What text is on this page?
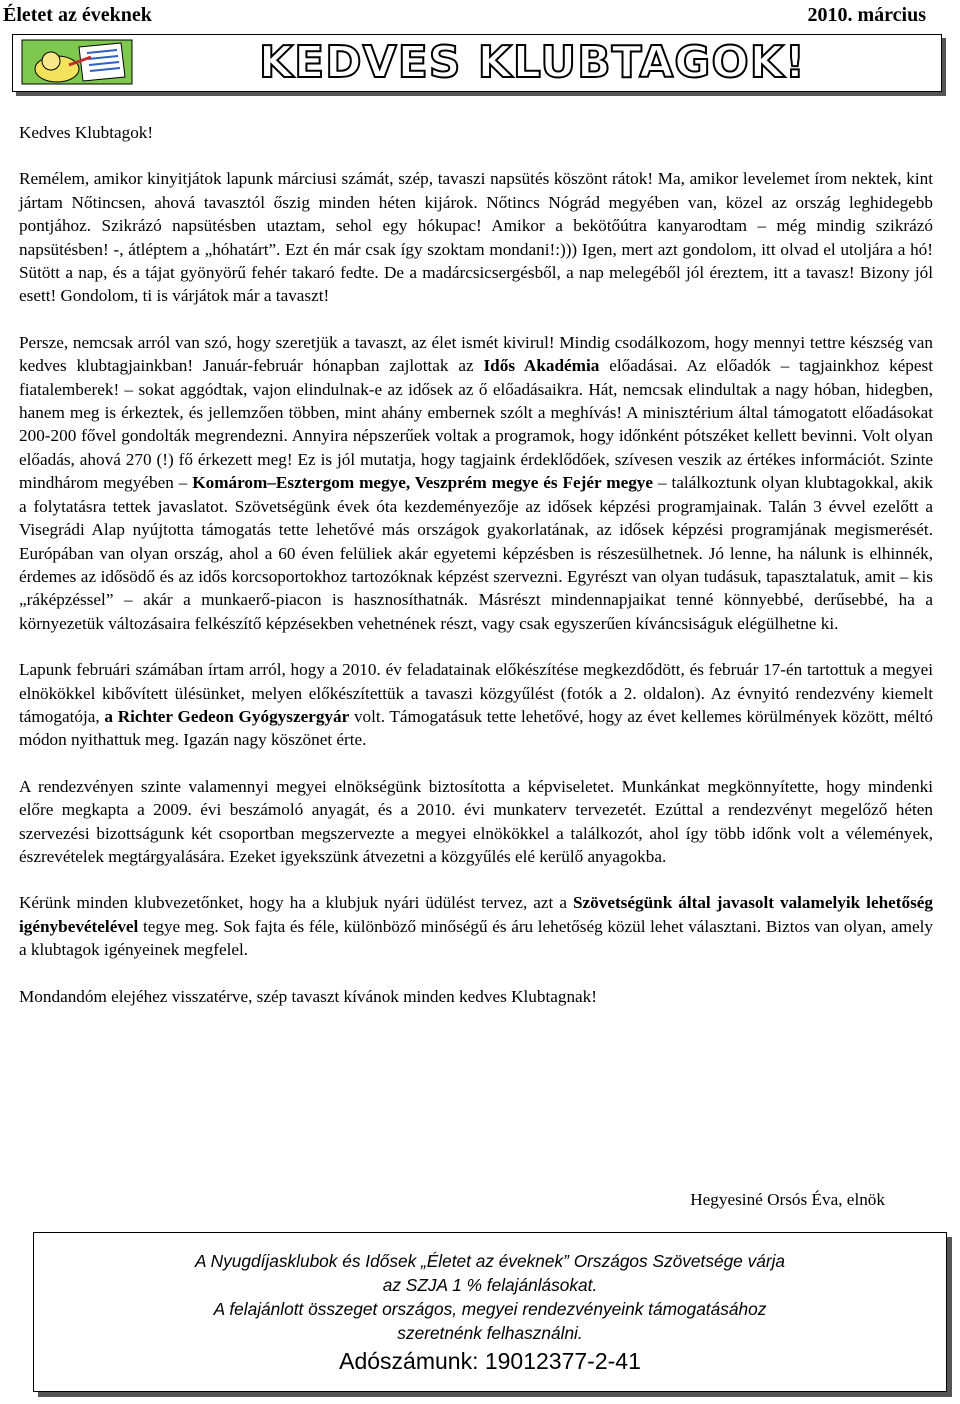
Életet az éveknek	2010. március
KEDVES KLUBTAGOK!

Kedves Klubtagok!

Remélem, amikor kinyitjátok lapunk márciusi számát, szép, tavaszi napsütés köszönt rátok! Ma, amikor levelemet írom nektek, kint jártam Nőtincsen, ahová tavasztól őszig minden héten kijárok. Nőtincs Nógrád megyében van, közel az ország leghidegebb pontjához. Szikrázó napsütésben utaztam, sehol egy hókupac! Amikor a bekötőútra kanyarodtam – még mindig szikrázó napsütésben! -, átléptem a „hóhatárt”. Ezt én már csak így szoktam mondani!:))) Igen, mert azt gondolom, itt olvad el utoljára a hó! Sütött a nap, és a tájat gyönyörű fehér takaró fedte. De a madárcsicsergésből, a nap melegéből jól éreztem, itt a tavasz! Bizony jól esett! Gondolom, ti is várjátok már a tavaszt!

Persze, nemcsak arról van szó, hogy szeretjük a tavaszt, az élet ismét kivirul! Mindig csodálkozom, hogy mennyi tettre készség van kedves klubtagjainkban! Január-február hónapban zajlottak az Idős Akadémia előadásai. Az előadók – tagjainkhoz képest fiatalemberek! – sokat aggódtak, vajon elindulnak-e az idősek az ő előadásaikra. Hát, nemcsak elindultak a nagy hóban, hidegben, hanem meg is érkeztek, és jellemzően többen, mint ahány embernek szólt a meghívás! A minisztérium által támogatott előadásokat 200-200 fővel gondolták megrendezni. Annyira népszerűek voltak a programok, hogy időnként pótszéket kellett bevinni. Volt olyan előadás, ahová 270 (!) fő érkezett meg! Ez is jól mutatja, hogy tagjaink érdeklődőek, szívesen veszik az értékes információt. Szinte mindhárom megyében – Komárom–Esztergom megye, Veszprém megye és Fejér megye – találkoztunk olyan klubtagokkal, akik a folytatásra tettek javaslatot. Szövetségünk évek óta kezdeményezője az idősek képzési programjainak. Talán 3 évvel ezelőtt a Visegrádi Alap nyújtotta támogatás tette lehetővé más országok gyakorlatának, az idősek képzési programjának megismerését. Európában van olyan ország, ahol a 60 éven felüliek akár egyetemi képzésben is részesülhetnek. Jó lenne, ha nálunk is elhinnék, érdemes az idősödő és az idős korcsoportokhoz tartozóknak képzést szervezni. Egyrészt van olyan tudásuk, tapasztalatuk, amit – kis „ráképzéssel” – akár a munkaerő-piacon is hasznosíthatnák. Másrészt mindennapjaikat tenné könnyebbé, derűsebbé, ha a környezetük változásaira felkészítő képzésekben vehetnének részt, vagy csak egyszerűen kíváncsiságuk elégülhetne ki.

Lapunk februári számában írtam arról, hogy a 2010. év feladatainak előkészítése megkezdődött, és február 17-én tartottuk a megyei elnökökkel kibővített ülésünket, melyen előkészítettük a tavaszi közgyűlést (fotók a 2. oldalon). Az évnyitó rendezvény kiemelt támogatója, a Richter Gedeon Gyógyszergyár volt. Támogatásuk tette lehetővé, hogy az évet kellemes körülmények között, méltó módon nyithattuk meg. Igazán nagy köszönet érte.

A rendezvényen szinte valamennyi megyei elnökségünk biztosította a képviseletet. Munkánkat megkönnyítette, hogy mindenki előre megkapta a 2009. évi beszámoló anyagát, és a 2010. évi munkaterv tervezetét. Ezúttal a rendezvényt megelőző héten szervezési bizottságunk két csoportban megszervezte a megyei elnökökkel a találkozót, ahol így több időnk volt a vélemények, észrevételek megtárgyalására. Ezeket igyekszünk átvezetni a közgyűlés elé kerülő anyagokba.

Kérünk minden klubvezetőnket, hogy ha a klubjuk nyári üdülést tervez, azt a Szövetségünk által javasolt valamelyik lehetőség igénybevételével tegye meg. Sok fajta és féle, különböző minőségű és áru lehetőség közül lehet választani. Biztos van olyan, amely a klubtagok igényeinek megfelel.

Mondandóm elejéhez visszatérve, szép tavaszt kívánok minden kedves Klubtagnak!

Hegyesiné Orsós Éva, elnök
A Nyugdíjasklubok és Idősek „Életet az éveknek” Országos Szövetsége várja
az SZJA 1 % felajánlásokat.
A felajánlott összeget országos, megyei rendezvényeink támogatásához
szeretnénk felhasználni.
Adószámunk: 19012377-2-41
